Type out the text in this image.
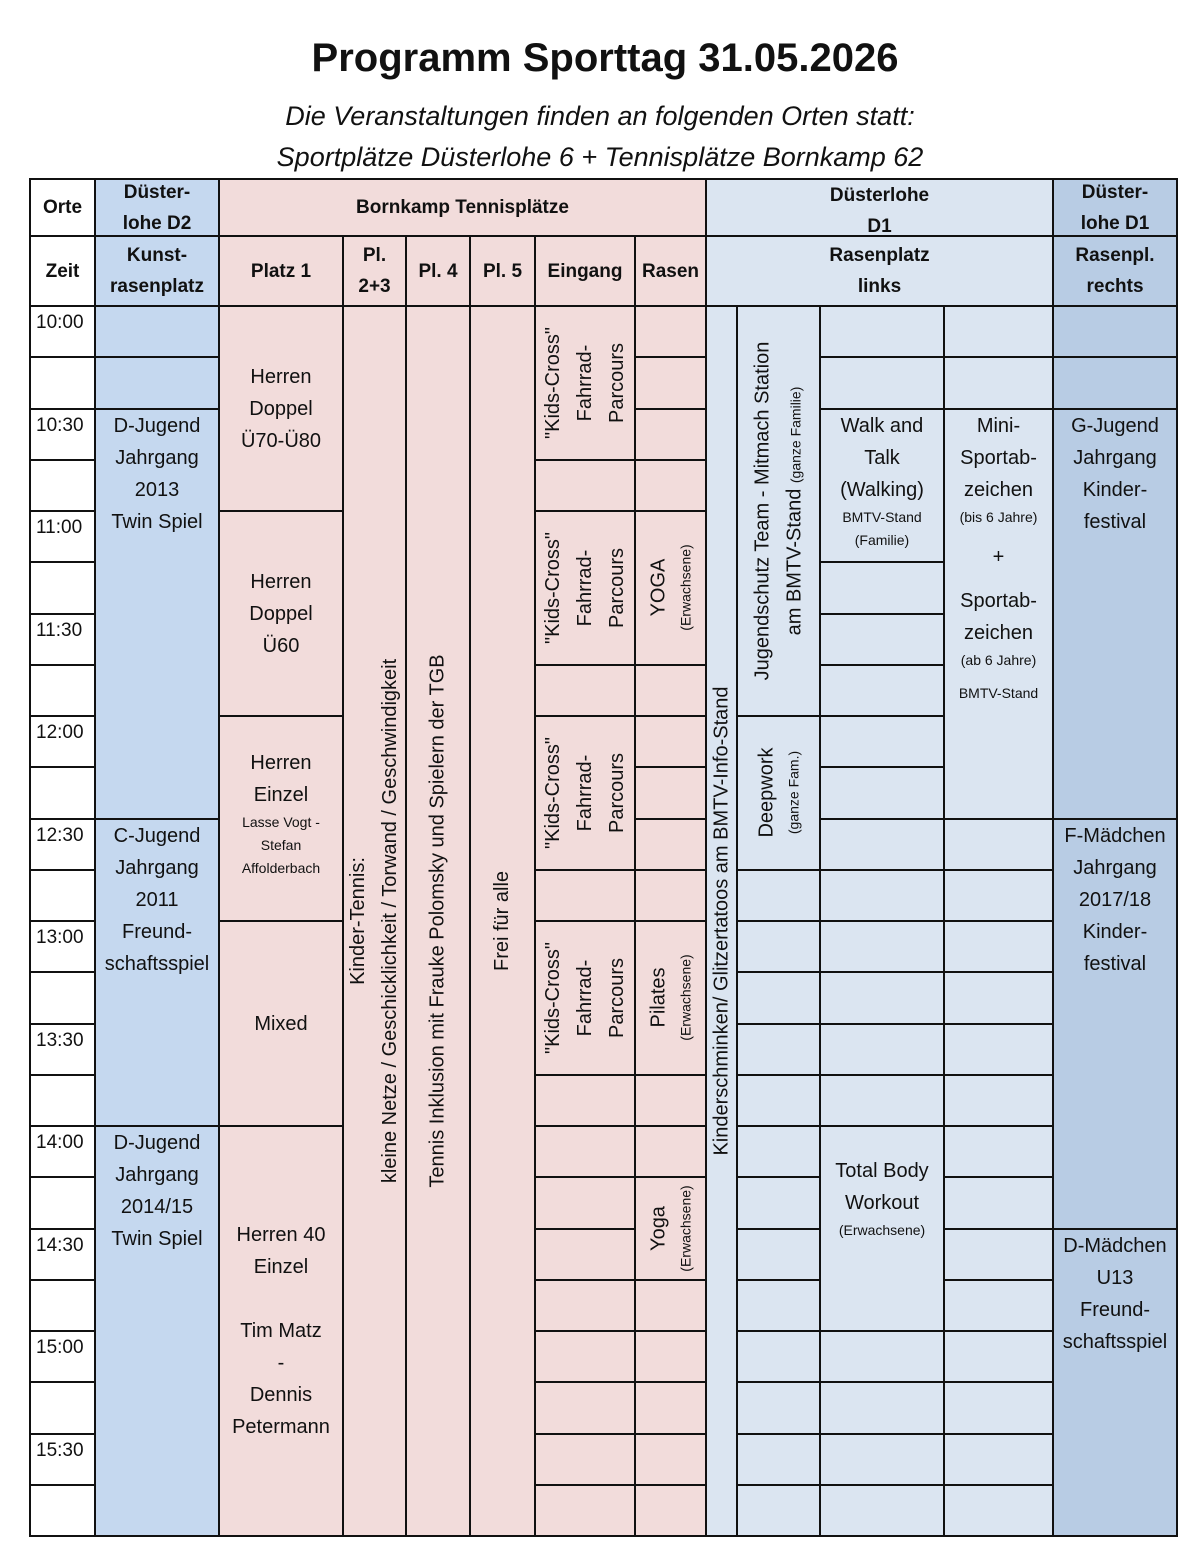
Programm Sporttag 31.05.2026
Die Veranstaltungen finden an folgenden Orten statt:
Sportplätze Düsterlohe 6 + Tennisplätze Bornkamp 62
Orte
Düster-
lohe D2
Bornkamp Tennisplätze
Düsterlohe
D1
Düster-
lohe D1
Zeit
Kunst-
rasenplatz
Platz 1
Pl.
2+3
Pl. 4 Pl. 5 Eingang Rasen
Rasenplatz
links
Rasenpl.
rechts
10:00

10:30

11:00

11:30

12:00

12:30

13:00

13:30

14:00

14:30

15:00

15:30

D-Jugend
Jahrgang
2013
Twin Spiel
C-Jugend
Jahrgang
2011
Freund-
schaftsspiel
D-Jugend
Jahrgang
2014/15
Twin Spiel
Herren
Doppel
Ü70-Ü80
Herren
Doppel
Ü60
Herren
Einzel
Lasse Vogt -
Stefan
Affolderbach
Mixed
Herren 40
Einzel

Tim Matz
-
Dennis
Petermann
Kinder-Tennis: kleine Netze / Geschicklichkeit / Torwand / Geschwindigkeit Tennis Inklusion mit Frauke Polomsky und Spielern der TGB Frei für alle
"Kids-Cross" Fahrrad- Parcours
"Kids-Cross" Fahrrad- Parcours
"Kids-Cross" Fahrrad- Parcours
"Kids-Cross" Fahrrad- Parcours
YOGA (Erwachsene)
Pilates (Erwachsene)
Yoga (Erwachsene)
Kinderschminken/ Glitzertatoos am BMTV-Info-Stand
Jugendschutz Team - Mitmach Station am BMTV-Stand (ganze Familie)
Deepwork (ganze Fam.)
Walk and
Talk
(Walking)
BMTV-Stand
(Familie)
Total Body
Workout
(Erwachsene)
Mini-
Sportab-
zeichen
(bis 6 Jahre)
+
Sportab-
zeichen
(ab 6 Jahre)
BMTV-Stand
G-Jugend
Jahrgang
Kinder-
festival
F-Mädchen
Jahrgang
2017/18
Kinder-
festival
D-Mädchen
U13
Freund-
schaftsspiel
